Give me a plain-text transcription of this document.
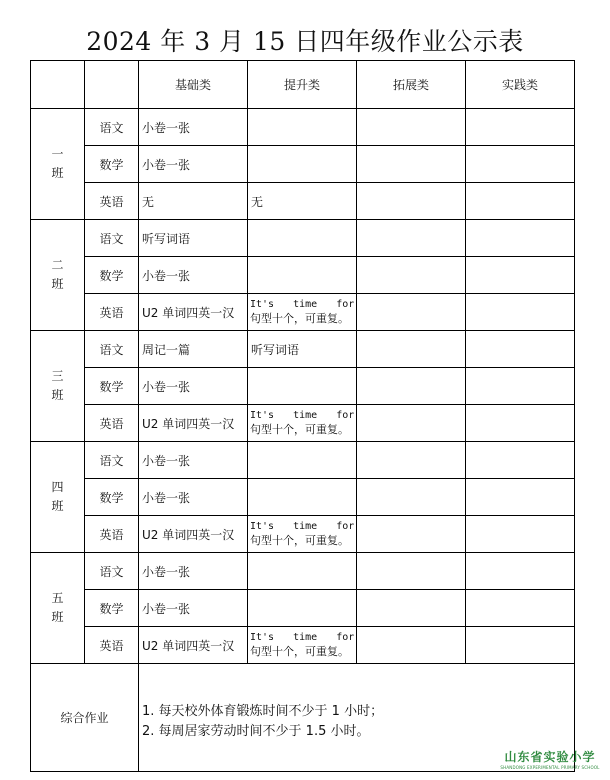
2024 年 3 月 15 日四年级作业公示表
		基础类	提升类	拓展类	实践类
一
班	语文	小卷一张			
	数学	小卷一张			
	英语	无	无		
二
班	语文	听写词语			
	数学	小卷一张			
	英语	U2 单词四英一汉	It's time for
句型十个，可重复。		

三
班	语文	周记一篇	听写词语		
	数学	小卷一张			
	英语	U2 单词四英一汉	It's time for
句型十个，可重复。		

四
班	语文	小卷一张			
	数学	小卷一张			
	英语	U2 单词四英一汉	It's time for
句型十个，可重复。		

五
班	语文	小卷一张			
	数学	小卷一张			
	英语	U2 单词四英一汉	It's time for
句型十个，可重复。		

综合作业		1. 每天校外体育锻炼时间不少于 1 小时；
2. 每周居家劳动时间不少于 1.5 小时。			
山东省实验小学
SHANDONG EXPERIMENTAL PRIMARY SCHOOL
